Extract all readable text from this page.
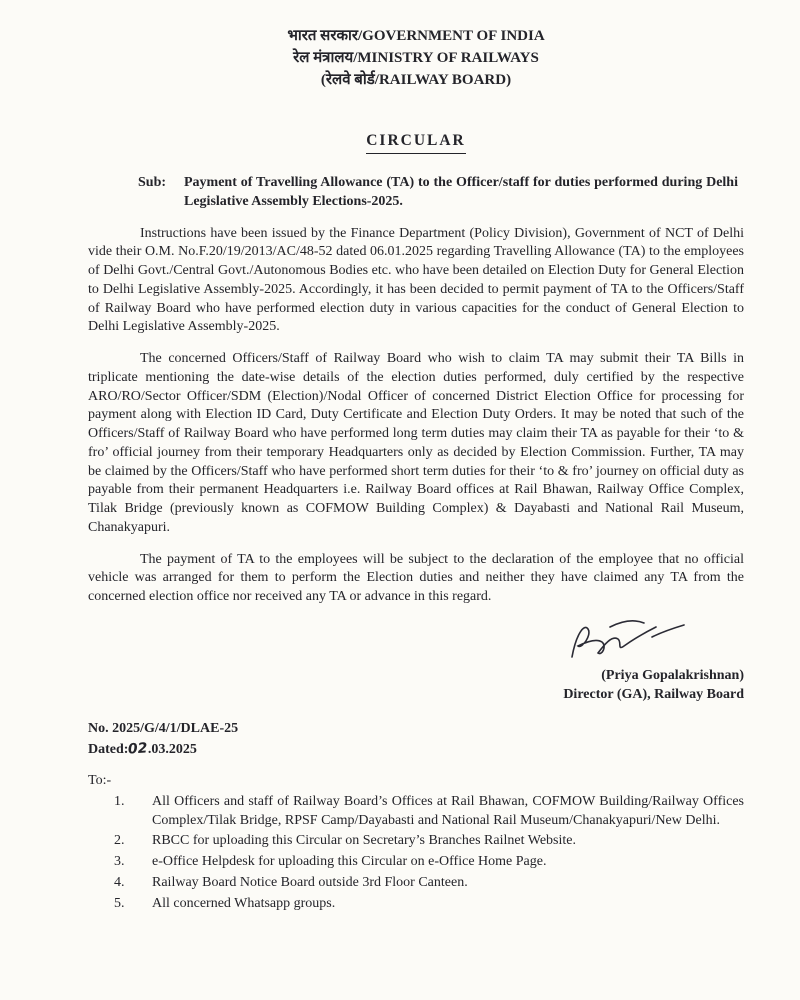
भारत सरकार/GOVERNMENT OF INDIA
रेल मंत्रालय/MINISTRY OF RAILWAYS
(रेलवे बोर्ड/RAILWAY BOARD)
CIRCULAR
Sub:	Payment of Travelling Allowance (TA) to the Officer/staff for duties performed during Delhi Legislative Assembly Elections-2025.

Instructions have been issued by the Finance Department (Policy Division), Government of NCT of Delhi vide their O.M. No.F.20/19/2013/AC/48-52 dated 06.01.2025 regarding Travelling Allowance (TA) to the employees of Delhi Govt./Central Govt./Autonomous Bodies etc. who have been detailed on Election Duty for General Election to Delhi Legislative Assembly-2025. Accordingly, it has been decided to permit payment of TA to the Officers/Staff of Railway Board who have performed election duty in various capacities for the conduct of General Election to Delhi Legislative Assembly-2025.

The concerned Officers/Staff of Railway Board who wish to claim TA may submit their TA Bills in triplicate mentioning the date-wise details of the election duties performed, duly certified by the respective ARO/RO/Sector Officer/SDM (Election)/Nodal Officer of concerned District Election Office for processing for payment along with Election ID Card, Duty Certificate and Election Duty Orders. It may be noted that such of the Officers/Staff of Railway Board who have performed long term duties may claim their TA as payable for their ‘to & fro’ official journey from their temporary Headquarters only as decided by Election Commission. Further, TA may be claimed by the Officers/Staff who have performed short term duties for their ‘to & fro’ journey on official duty as payable from their permanent Headquarters i.e. Railway Board offices at Rail Bhawan, Railway Office Complex, Tilak Bridge (previously known as COFMOW Building Complex) & Dayabasti and National Rail Museum, Chanakyapuri.

The payment of TA to the employees will be subject to the declaration of the employee that no official vehicle was arranged for them to perform the Election duties and neither they have claimed any TA from the concerned election office nor received any TA or advance in this regard.

(Priya Gopalakrishnan)
Director (GA), Railway Board
No. 2025/G/4/1/DLAE-25
Dated:02.03.2025
To:-
1.	All Officers and staff of Railway Board’s Offices at Rail Bhawan, COFMOW Building/Railway Offices Complex/Tilak Bridge, RPSF Camp/Dayabasti and National Rail Museum/Chanakyapuri/New Delhi.
2.	RBCC for uploading this Circular on Secretary’s Branches Railnet Website.
3.	e-Office Helpdesk for uploading this Circular on e-Office Home Page.
4.	Railway Board Notice Board outside 3rd Floor Canteen.
5.	All concerned Whatsapp groups.
